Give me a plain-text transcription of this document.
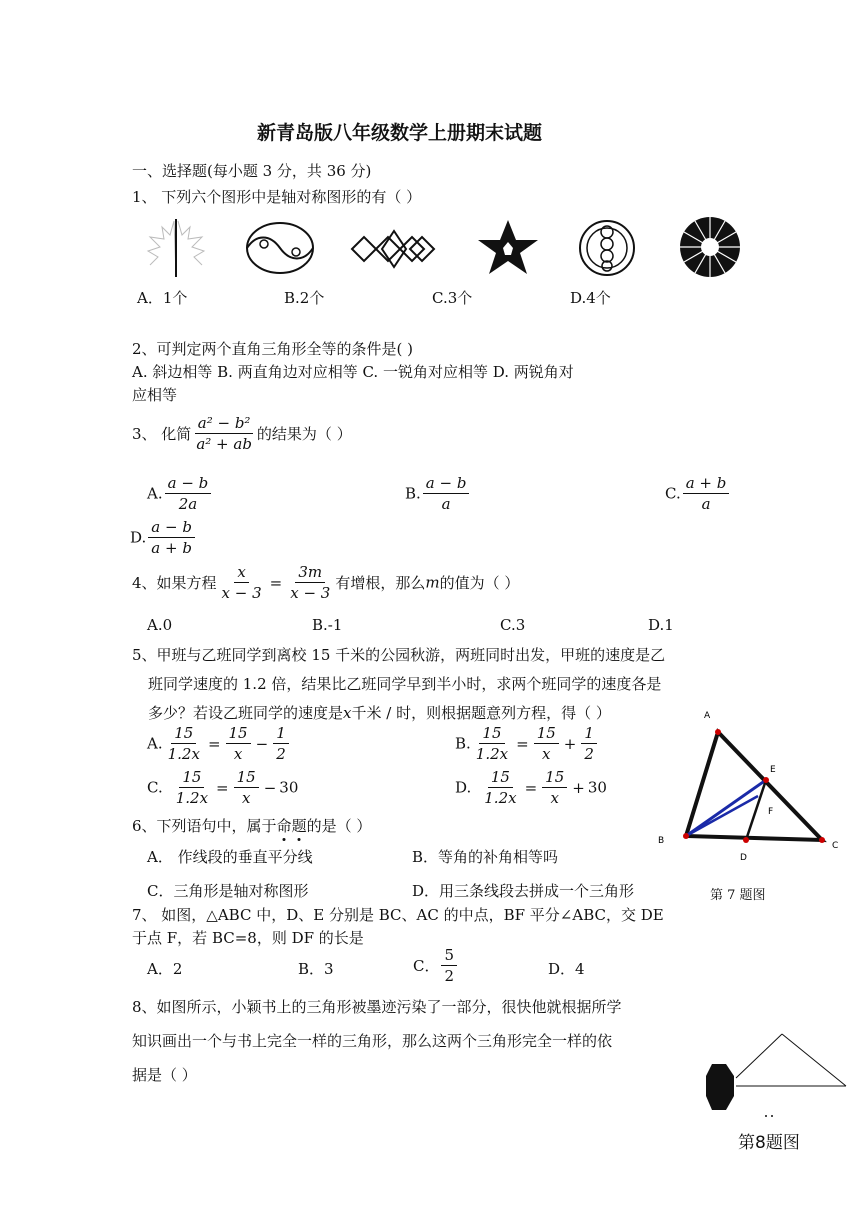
新青岛版八年级数学上册期末试题
一、选择题(每小题 3 分，共 36 分)
1、 下列六个图形中是轴对称图形的有（ ）
A．1个	B.2个	C.3个	D.4个
2、可判定两个直角三角形全等的条件是( )
A. 斜边相等 B. 两直角边对应相等 C. 一锐角对应相等 D. 两锐角对
应相等
3、 化简 $\frac{\text{a² − b²}}{\text{a² + ab}}$ 的结果为（ ）
A. $\frac{a - b}{2a}$	B. $\frac{a - b}{a}$	C. $\frac{a + b}{a}$
D. $\frac{a - b}{a + b}$
4、如果方程 $\frac{x}{x - 3} = \frac{3m}{x - 3}$ 有增根，那么m的值为（ ）
A.0	B.-1	C.3	D.1
5、甲班与乙班同学到离校 15 千米的公园秋游，两班同时出发，甲班的速度是乙
班同学速度的 1.2 倍，结果比乙班同学早到半小时，求两个班同学的速度各是
多少？若设乙班同学的速度是x千米 / 时，则根据题意列方程，得（ ）
A. $\frac{15}{1.2x} = \frac{15}{x} - \frac{1}{2}$	B. $\frac{15}{1.2x} = \frac{15}{x} + \frac{1}{2}$
C. $\frac{15}{1.2x} = \frac{15}{x} - 30$	D. $\frac{15}{1.2x} = \frac{15}{x} + 30$
A
B	C
D
E
F
第 7 题图
6、下列语句中，属于命题的是（ ）
A． 作线段的垂直平分线	B．等角的补角相等吗
C．三角形是轴对称图形	D．用三条线段去拼成一个三角形
7、 如图，△ABC 中，D、E 分别是 BC、AC 的中点，BF 平分∠ABC，交 DE
于点 F，若 BC=8，则 DF 的长是
A．2	B．3	C． $\frac{5}{2}$	D．4
8、如图所示，小颖书上的三角形被墨迹污染了一部分，很快他就根据所学
知识画出一个与书上完全一样的三角形，那么这两个三角形完全一样的依
据是（ ）
第8题图
